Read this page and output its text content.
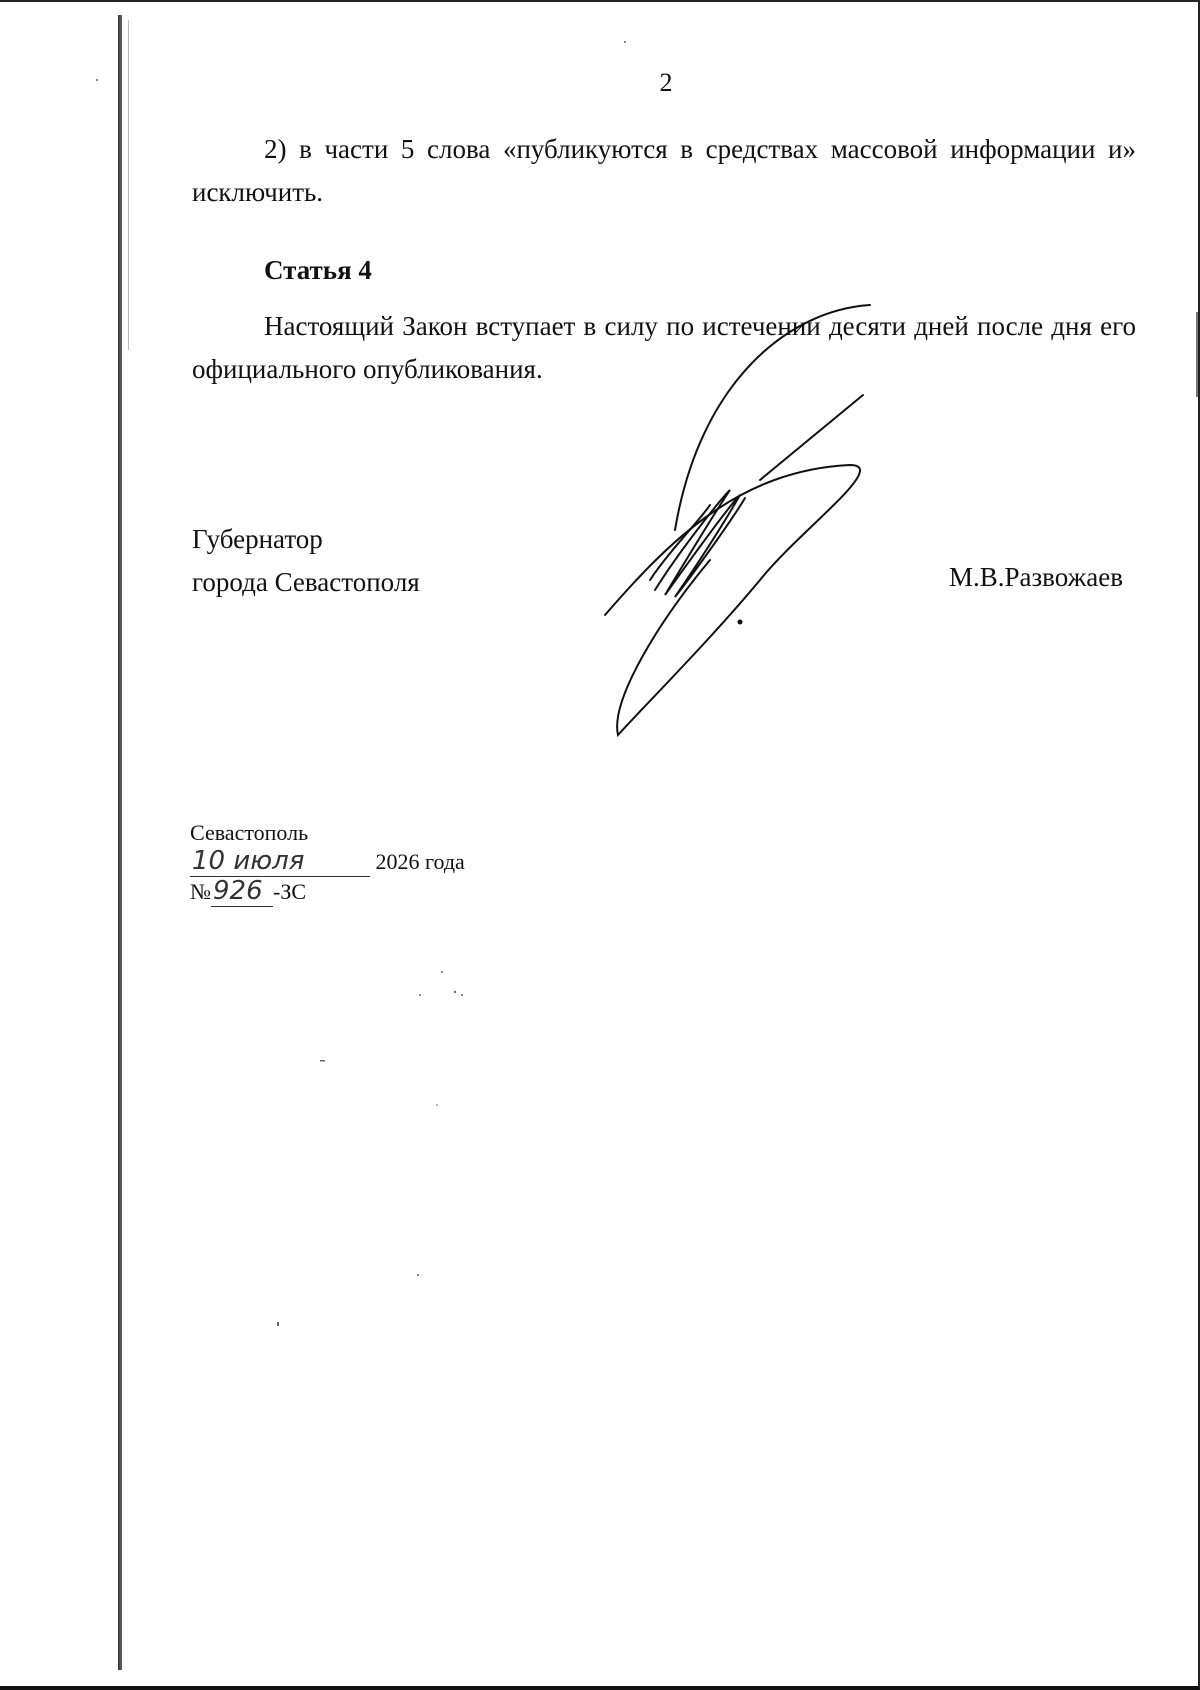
2

2) в части 5 слова «публикуются в средствах массовой информации и» исключить.

Статья 4

Настоящий Закон вступает в силу по истечении десяти дней после дня его официального опубликования.

Губернатор
города Севастополя	М.В.Развожаев
Севастополь
10 июля	2026 года
№926 -ЗС
